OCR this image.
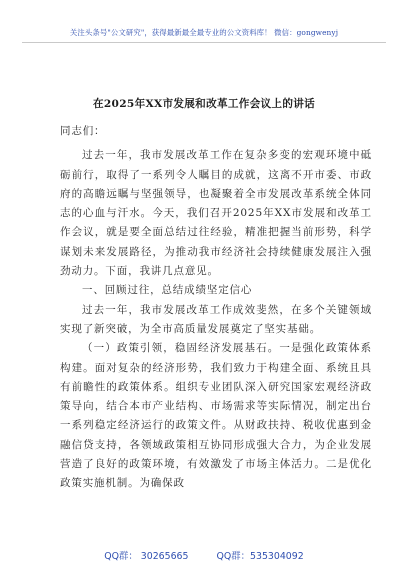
关注头条号"公文研究"，获得最新最全最专业的公文资料库！ 微信：gongwenyj
在2025年XX市发展和改革工作会议上的讲话

同志们：

过去一年，我市发展改革工作在复杂多变的宏观环境中砥砺前行，取得了一系列令人瞩目的成就，这离不开市委、市政府的高瞻远瞩与坚强领导，也凝聚着全市发展改革系统全体同志的心血与汗水。今天，我们召开2025年XX市发展和改革工作会议，就是要全面总结过往经验，精准把握当前形势，科学谋划未来发展路径，为推动我市经济社会持续健康发展注入强劲动力。下面，我讲几点意见。

一、回顾过往，总结成绩坚定信心

过去一年，我市发展改革工作成效斐然，在多个关键领域实现了新突破，为全市高质量发展奠定了坚实基础。

（一）政策引领，稳固经济发展基石。一是强化政策体系构建。面对复杂的经济形势，我们致力于构建全面、系统且具有前瞻性的政策体系。组织专业团队深入研究国家宏观经济政策导向，结合本市产业结构、市场需求等实际情况，制定出台一系列稳定经济运行的政策文件。从财政扶持、税收优惠到金融信贷支持，各领域政策相互协同形成强大合力，为企业发展营造了良好的政策环境，有效激发了市场主体活力。二是优化政策实施机制。为确保政

QQ群： 30265665	QQ群：535304092
